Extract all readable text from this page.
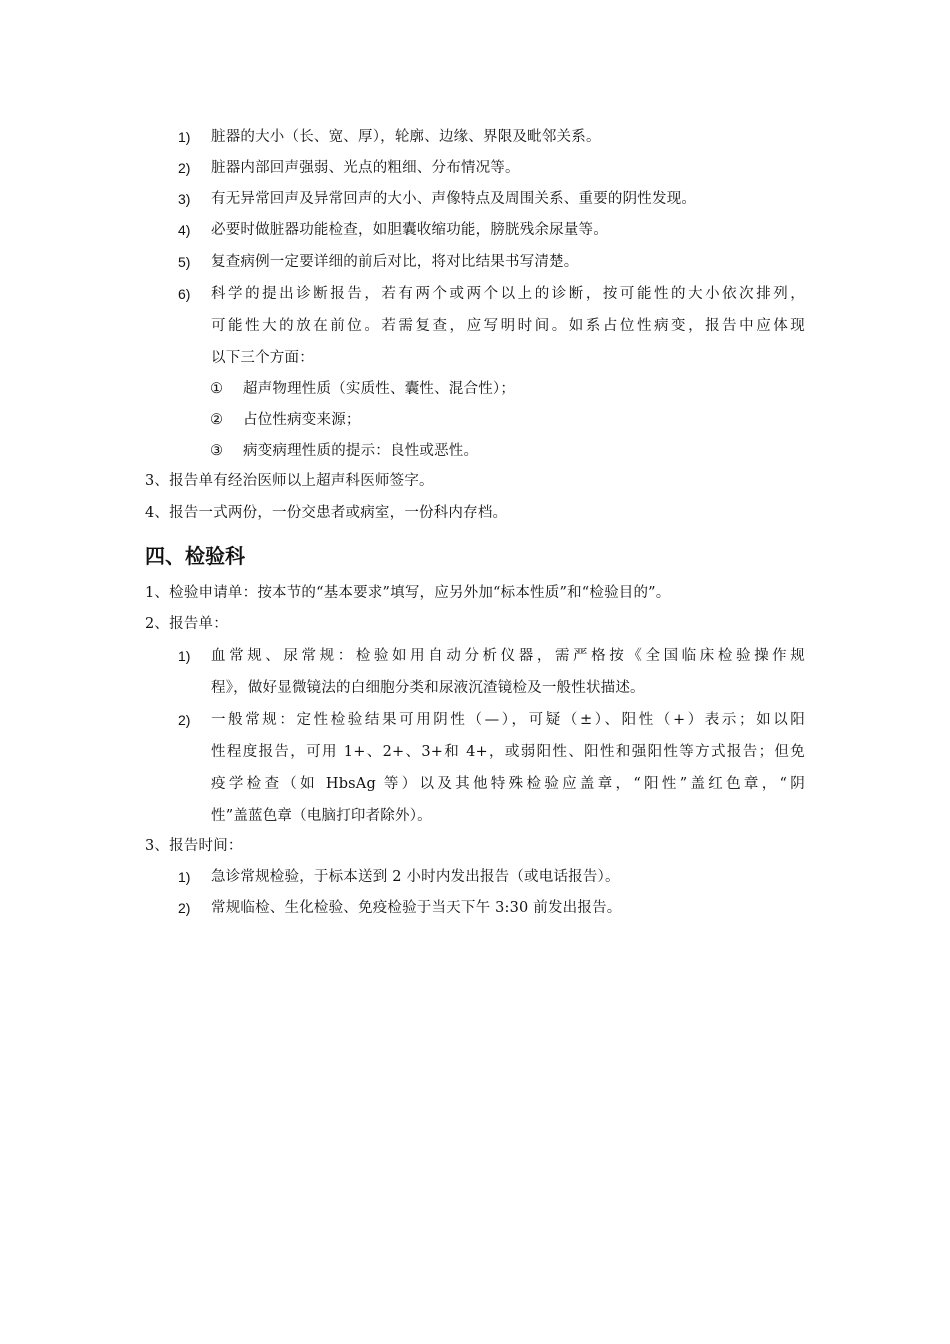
1) 脏器的大小（长、宽、厚），轮廓、边缘、界限及毗邻关系。
2) 脏器内部回声强弱、光点的粗细、分布情况等。
3) 有无异常回声及异常回声的大小、声像特点及周围关系、重要的阴性发现。
4) 必要时做脏器功能检查，如胆囊收缩功能，膀胱残余尿量等。
5) 复查病例一定要详细的前后对比，将对比结果书写清楚。
6) 科学的提出诊断报告，若有两个或两个以上的诊断，按可能性的大小依次排列，
可能性大的放在前位。若需复查，应写明时间。如系占位性病变，报告中应体现
以下三个方面：
① 超声物理性质（实质性、囊性、混合性）；
② 占位性病变来源；
③ 病变病理性质的提示：良性或恶性。
3、报告单有经治医师以上超声科医师签字。
4、报告一式两份，一份交患者或病室，一份科内存档。
四、检验科
1、检验申请单：按本节的“基本要求”填写，应另外加“标本性质”和“检验目的”。
2、报告单：
1) 血常规、尿常规：检验如用自动分析仪器，需严格按《全国临床检验操作规
程》，做好显微镜法的白细胞分类和尿液沉渣镜检及一般性状描述。
2) 一般常规：定性检验结果可用阴性（—），可疑（±）、阳性（+）表示；如以阳
性程度报告，可用 1+、2+、3+和 4+，或弱阳性、阳性和强阳性等方式报告；但免
疫学检查（如 HbsAg 等）以及其他特殊检验应盖章，“阳性”盖红色章，“阴
性”盖蓝色章（电脑打印者除外）。
3、报告时间：
1) 急诊常规检验，于标本送到 2 小时内发出报告（或电话报告）。
2) 常规临检、生化检验、免疫检验于当天下午 3:30 前发出报告。
